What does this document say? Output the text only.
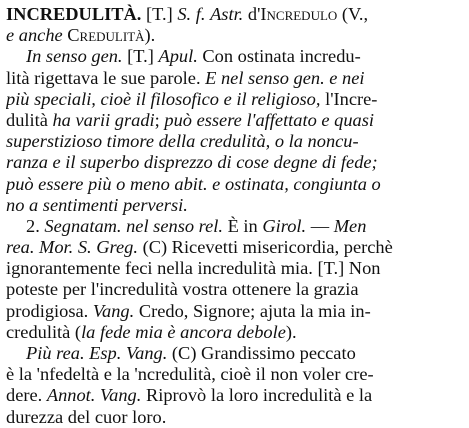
INCREDULITÀ. [T.] S. f. Astr. d'Incredulo (V.,
e anche Credulità).
In senso gen. [T.] Apul. Con ostinata incredu-
lità rigettava le sue parole. E nel senso gen. e nei
più speciali, cioè il filosofico e il religioso, l'Incre-
dulità ha varii gradi; può essere l'affettato e quasi
superstizioso timore della credulità, o la noncu-
ranza e il superbo disprezzo di cose degne di fede;
può essere più o meno abit. e ostinata, congiunta o
no a sentimenti perversi.
2. Segnatam. nel senso rel. È in Girol. — Men
rea. Mor. S. Greg. (C) Ricevetti misericordia, perchè
ignorantemente feci nella incredulità mia. [T.] Non
poteste per l'incredulità vostra ottenere la grazia
prodigiosa. Vang. Credo, Signore; ajuta la mia in-
credulità (la fede mia è ancora debole).
Più rea. Esp. Vang. (C) Grandissimo peccato
è la 'nfedeltà e la 'ncredulità, cioè il non voler cre-
dere. Annot. Vang. Riprovò la loro incredulità e la
durezza del cuor loro.
